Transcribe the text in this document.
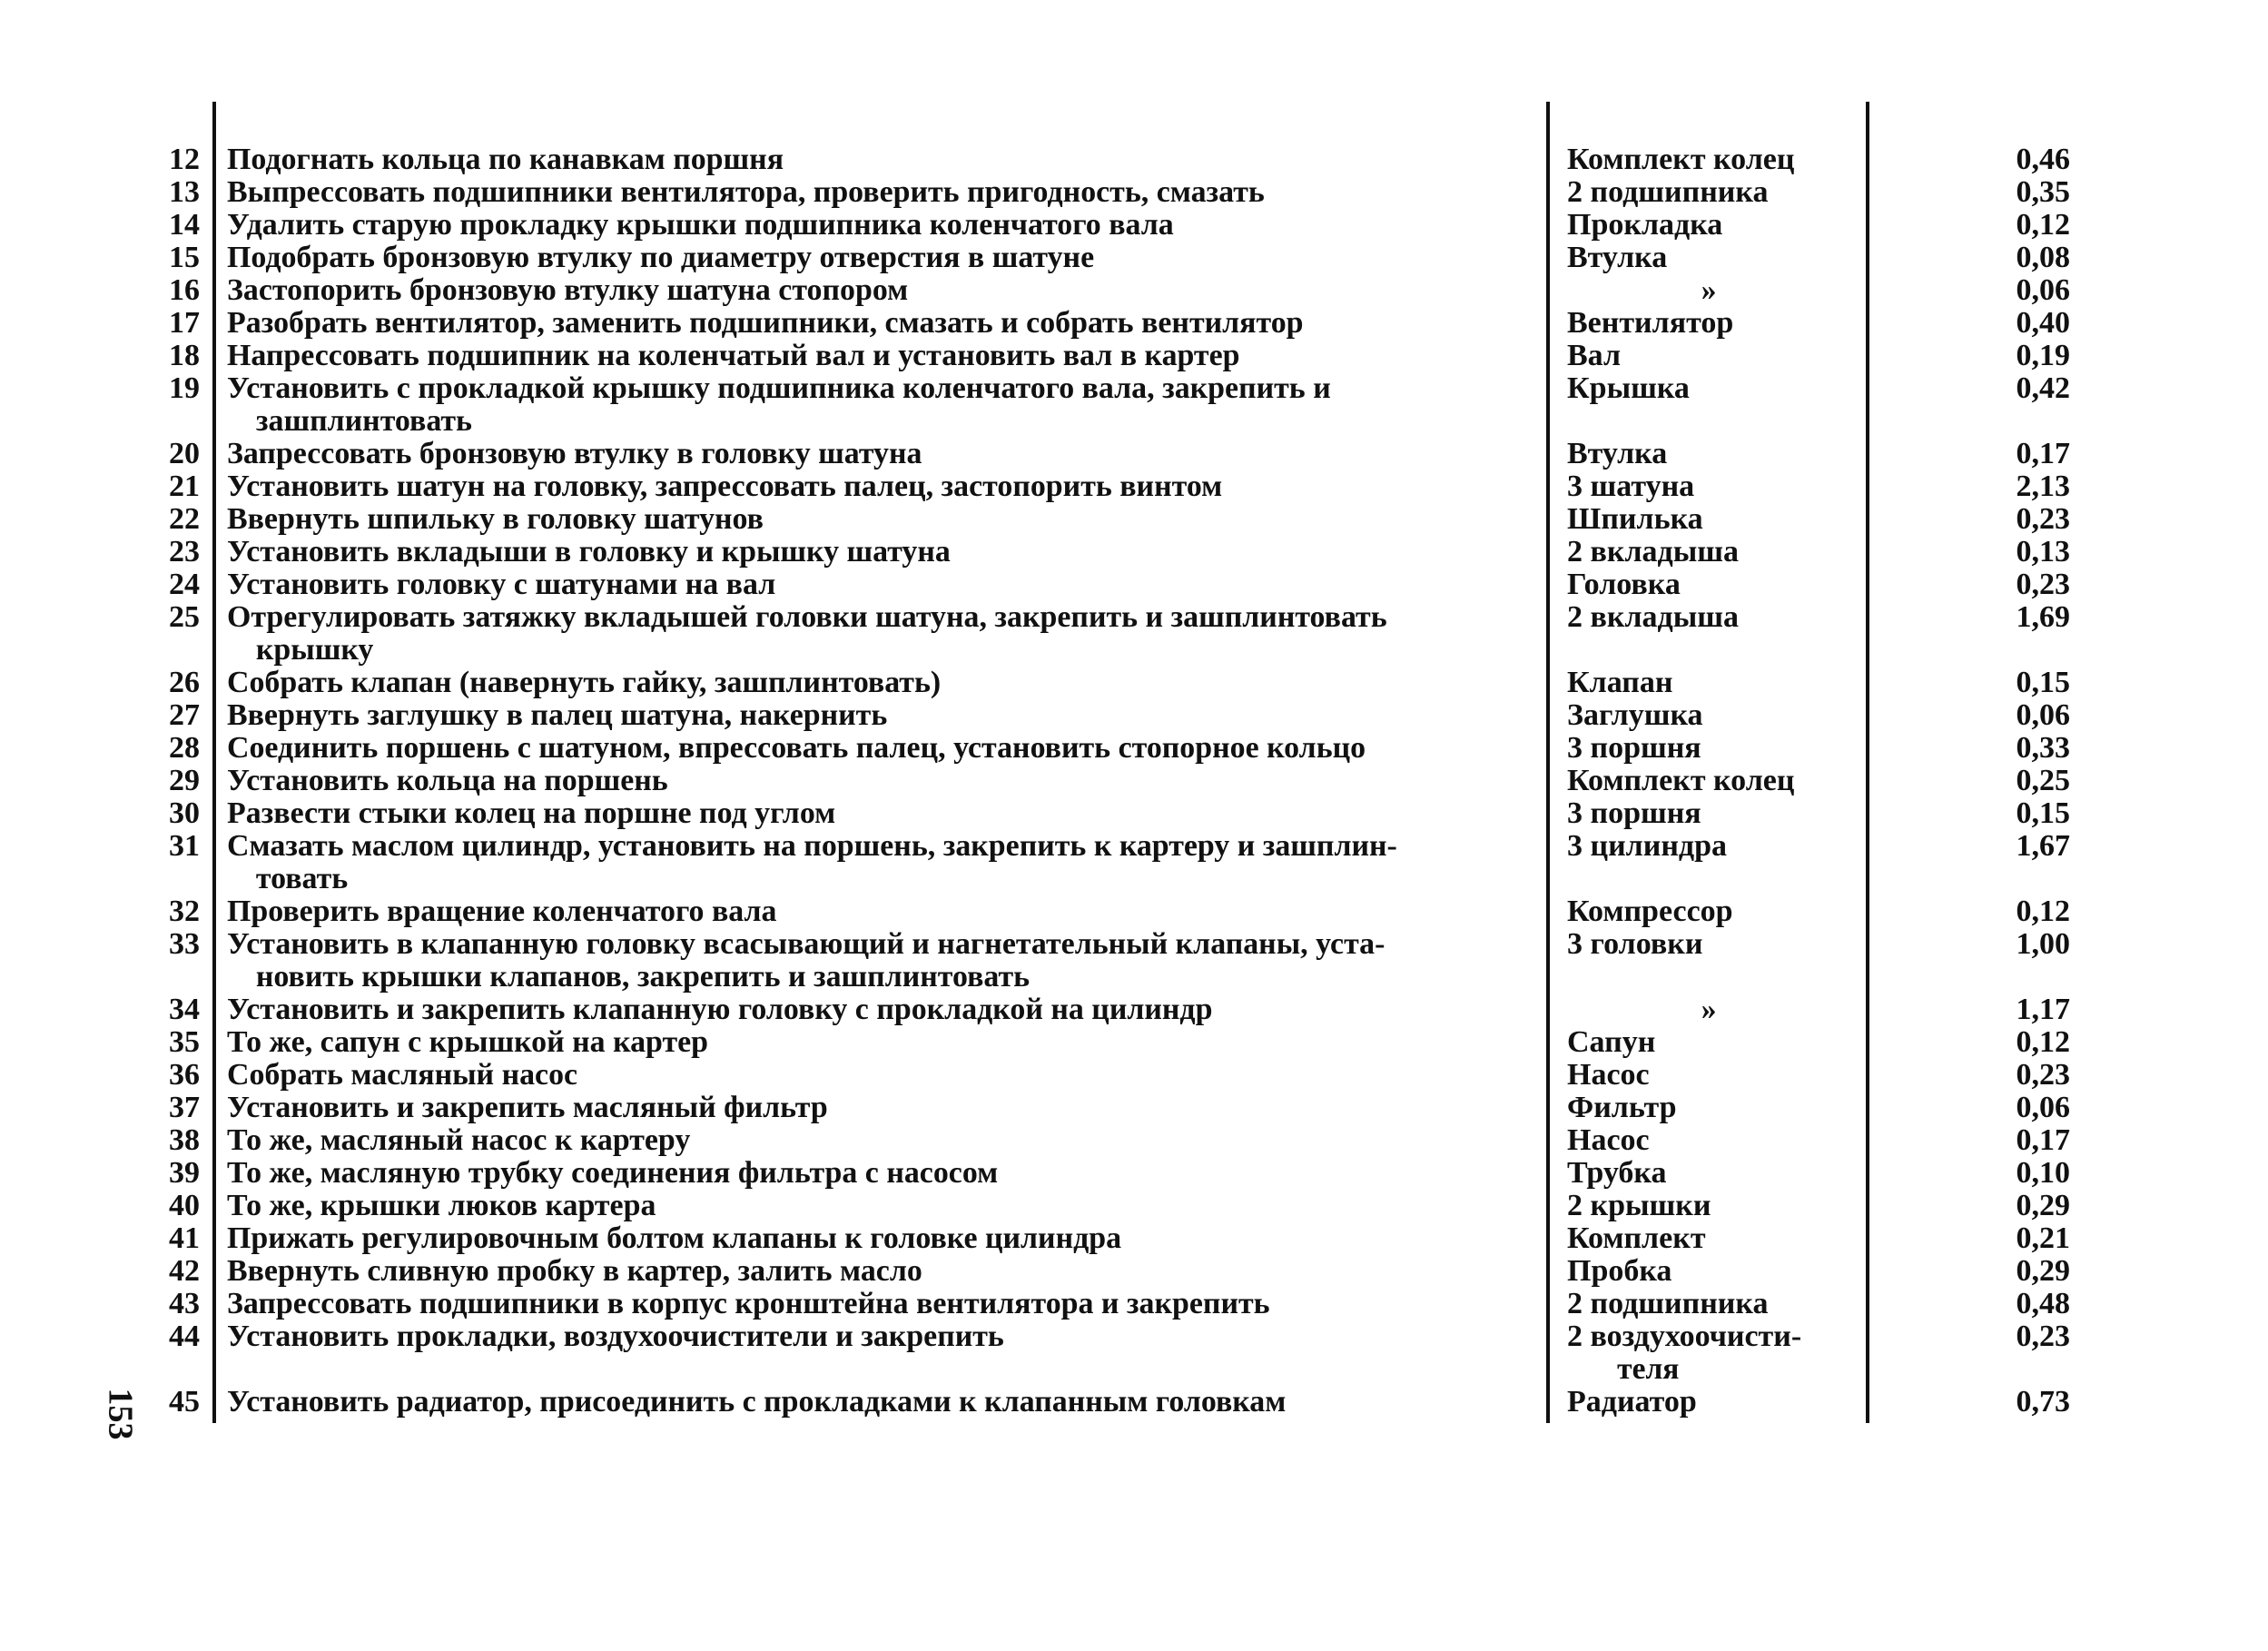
12 Подогнать кольца по канавкам поршня	Комплект колец	0,46
13 Выпрессовать подшипники вентилятора, проверить пригодность, смазать	2 подшипника	0,35
14 Удалить старую прокладку крышки подшипника коленчатого вала	Прокладка	0,12
15 Подобрать бронзовую втулку по диаметру отверстия в шатуне	Втулка	0,08
16 Застопорить бронзовую втулку шатуна стопором	»	0,06
17 Разобрать вентилятор, заменить подшипники, смазать и собрать вентилятор	Вентилятор	0,40
18 Напрессовать подшипник на коленчатый вал и установить вал в картер	Вал	0,19
19 Установить с прокладкой крышку подшипника коленчатого вала, закрепить и
зашплинтовать
Крышка	0,42
20 Запрессовать бронзовую втулку в головку шатуна	Втулка	0,17
21 Установить шатун на головку, запрессовать палец, застопорить винтом	3 шатуна	2,13
22 Ввернуть шпильку в головку шатунов	Шпилька	0,23
23 Установить вкладыши в головку и крышку шатуна	2 вкладыша	0,13
24 Установить головку с шатунами на вал	Головка	0,23
25 Отрегулировать затяжку вкладышей головки шатуна, закрепить и зашплинтовать
крышку
2 вкладыша	1,69
26 Собрать клапан (навернуть гайку, зашплинтовать)	Клапан	0,15
27 Ввернуть заглушку в палец шатуна, накернить	Заглушка	0,06
28 Соединить поршень с шатуном, впрессовать палец, установить стопорное кольцо	3 поршня	0,33
29 Установить кольца на поршень	Комплект колец	0,25
30 Развести стыки колец на поршне под углом	3 поршня	0,15
31 Смазать маслом цилиндр, установить на поршень, закрепить к картеру и зашплин-
товать
3 цилиндра	1,67
32 Проверить вращение коленчатого вала	Компрессор	0,12
33 Установить в клапанную головку всасывающий и нагнетательный клапаны, уста-
новить крышки клапанов, закрепить и зашплинтовать
3 головки	1,00
34 Установить и закрепить клапанную головку с прокладкой на цилиндр	»	1,17
35 То же, сапун с крышкой на картер	Сапун	0,12
36 Собрать масляный насос	Насос	0,23
37 Установить и закрепить масляный фильтр	Фильтр	0,06
38 То же, масляный насос к картеру	Насос	0,17
39 То же, масляную трубку соединения фильтра с насосом	Трубка	0,10
40 То же, крышки люков картера	2 крышки	0,29
41 Прижать регулировочным болтом клапаны к головке цилиндра	Комплект	0,21
42 Ввернуть сливную пробку в картер, залить масло	Пробка	0,29
43 Запрессовать подшипники в корпус кронштейна вентилятора и закрепить	2 подшипника	0,48
44 Установить прокладки, воздухоочистители и закрепить	2 воздухоочисти-
теля
0,23
45 Установить радиатор, присоединить с прокладками к клапанным головкам	Радиатор	0,73
153
